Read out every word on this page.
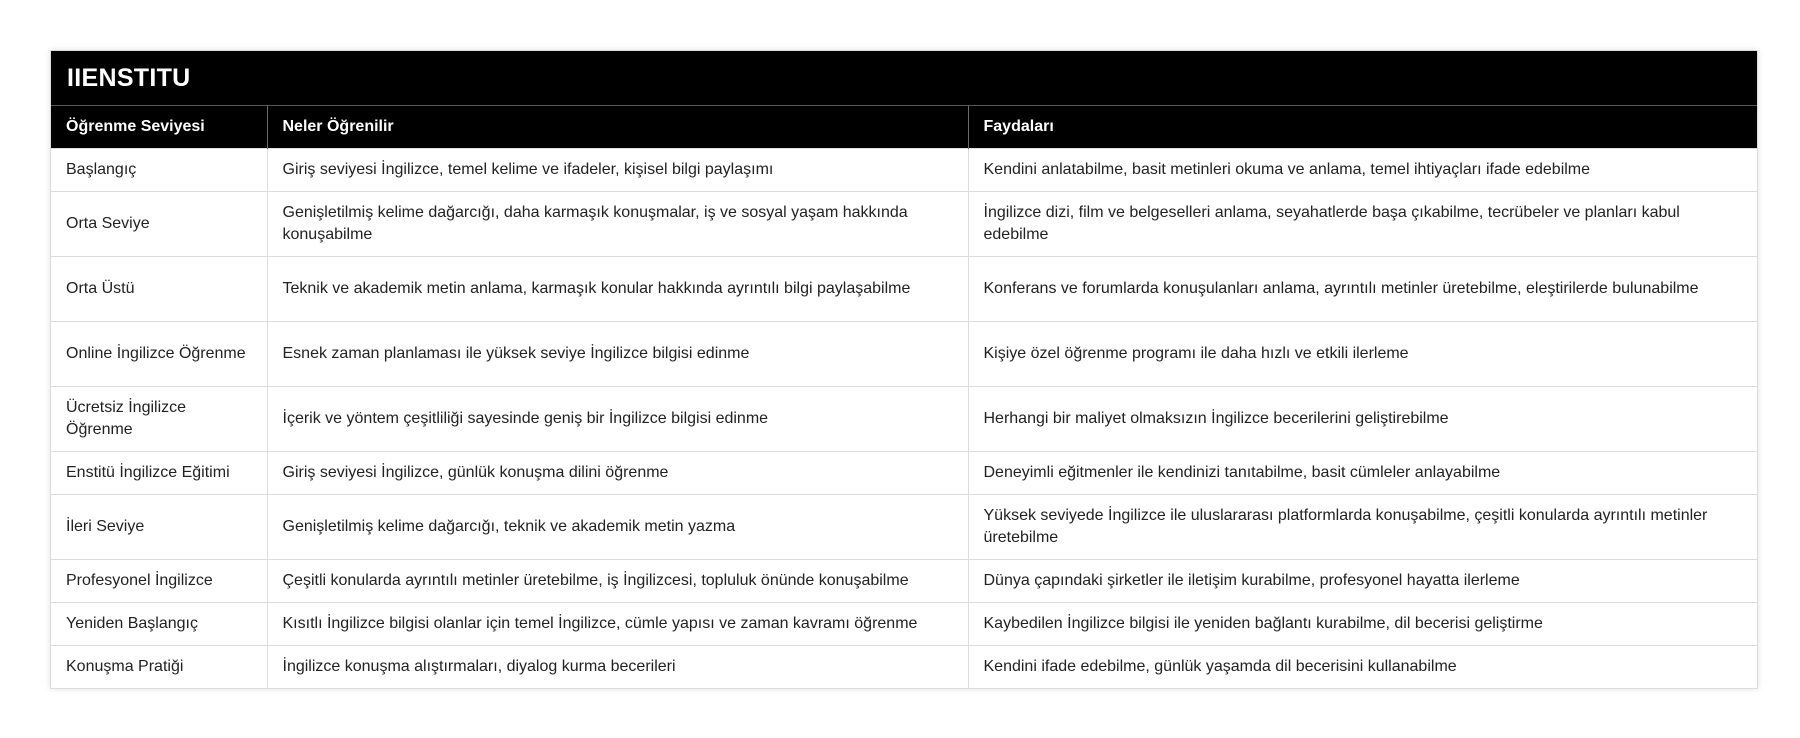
IIENSTITU
Öğrenme Seviyesi	Neler Öğrenilir	Faydaları
Başlangıç	Giriş seviyesi İngilizce, temel kelime ve ifadeler, kişisel bilgi paylaşımı	Kendini anlatabilme, basit metinleri okuma ve anlama, temel ihtiyaçları ifade edebilme
Orta Seviye	Genişletilmiş kelime dağarcığı, daha karmaşık konuşmalar, iş ve sosyal yaşam hakkında konuşabilme	İngilizce dizi, film ve belgeselleri anlama, seyahatlerde başa çıkabilme, tecrübeler ve planları kabul edebilme
Orta Üstü	Teknik ve akademik metin anlama, karmaşık konular hakkında ayrıntılı bilgi paylaşabilme	Konferans ve forumlarda konuşulanları anlama, ayrıntılı metinler üretebilme, eleştirilerde bulunabilme
Online İngilizce Öğrenme	Esnek zaman planlaması ile yüksek seviye İngilizce bilgisi edinme	Kişiye özel öğrenme programı ile daha hızlı ve etkili ilerleme
Ücretsiz İngilizce Öğrenme	İçerik ve yöntem çeşitliliği sayesinde geniş bir İngilizce bilgisi edinme	Herhangi bir maliyet olmaksızın İngilizce becerilerini geliştirebilme
Enstitü İngilizce Eğitimi	Giriş seviyesi İngilizce, günlük konuşma dilini öğrenme	Deneyimli eğitmenler ile kendinizi tanıtabilme, basit cümleler anlayabilme
İleri Seviye	Genişletilmiş kelime dağarcığı, teknik ve akademik metin yazma	Yüksek seviyede İngilizce ile uluslararası platformlarda konuşabilme, çeşitli konularda ayrıntılı metinler üretebilme
Profesyonel İngilizce	Çeşitli konularda ayrıntılı metinler üretebilme, iş İngilizcesi, topluluk önünde konuşabilme	Dünya çapındaki şirketler ile iletişim kurabilme, profesyonel hayatta ilerleme
Yeniden Başlangıç	Kısıtlı İngilizce bilgisi olanlar için temel İngilizce, cümle yapısı ve zaman kavramı öğrenme	Kaybedilen İngilizce bilgisi ile yeniden bağlantı kurabilme, dil becerisi geliştirme
Konuşma Pratiği	İngilizce konuşma alıştırmaları, diyalog kurma becerileri	Kendini ifade edebilme, günlük yaşamda dil becerisini kullanabilme
